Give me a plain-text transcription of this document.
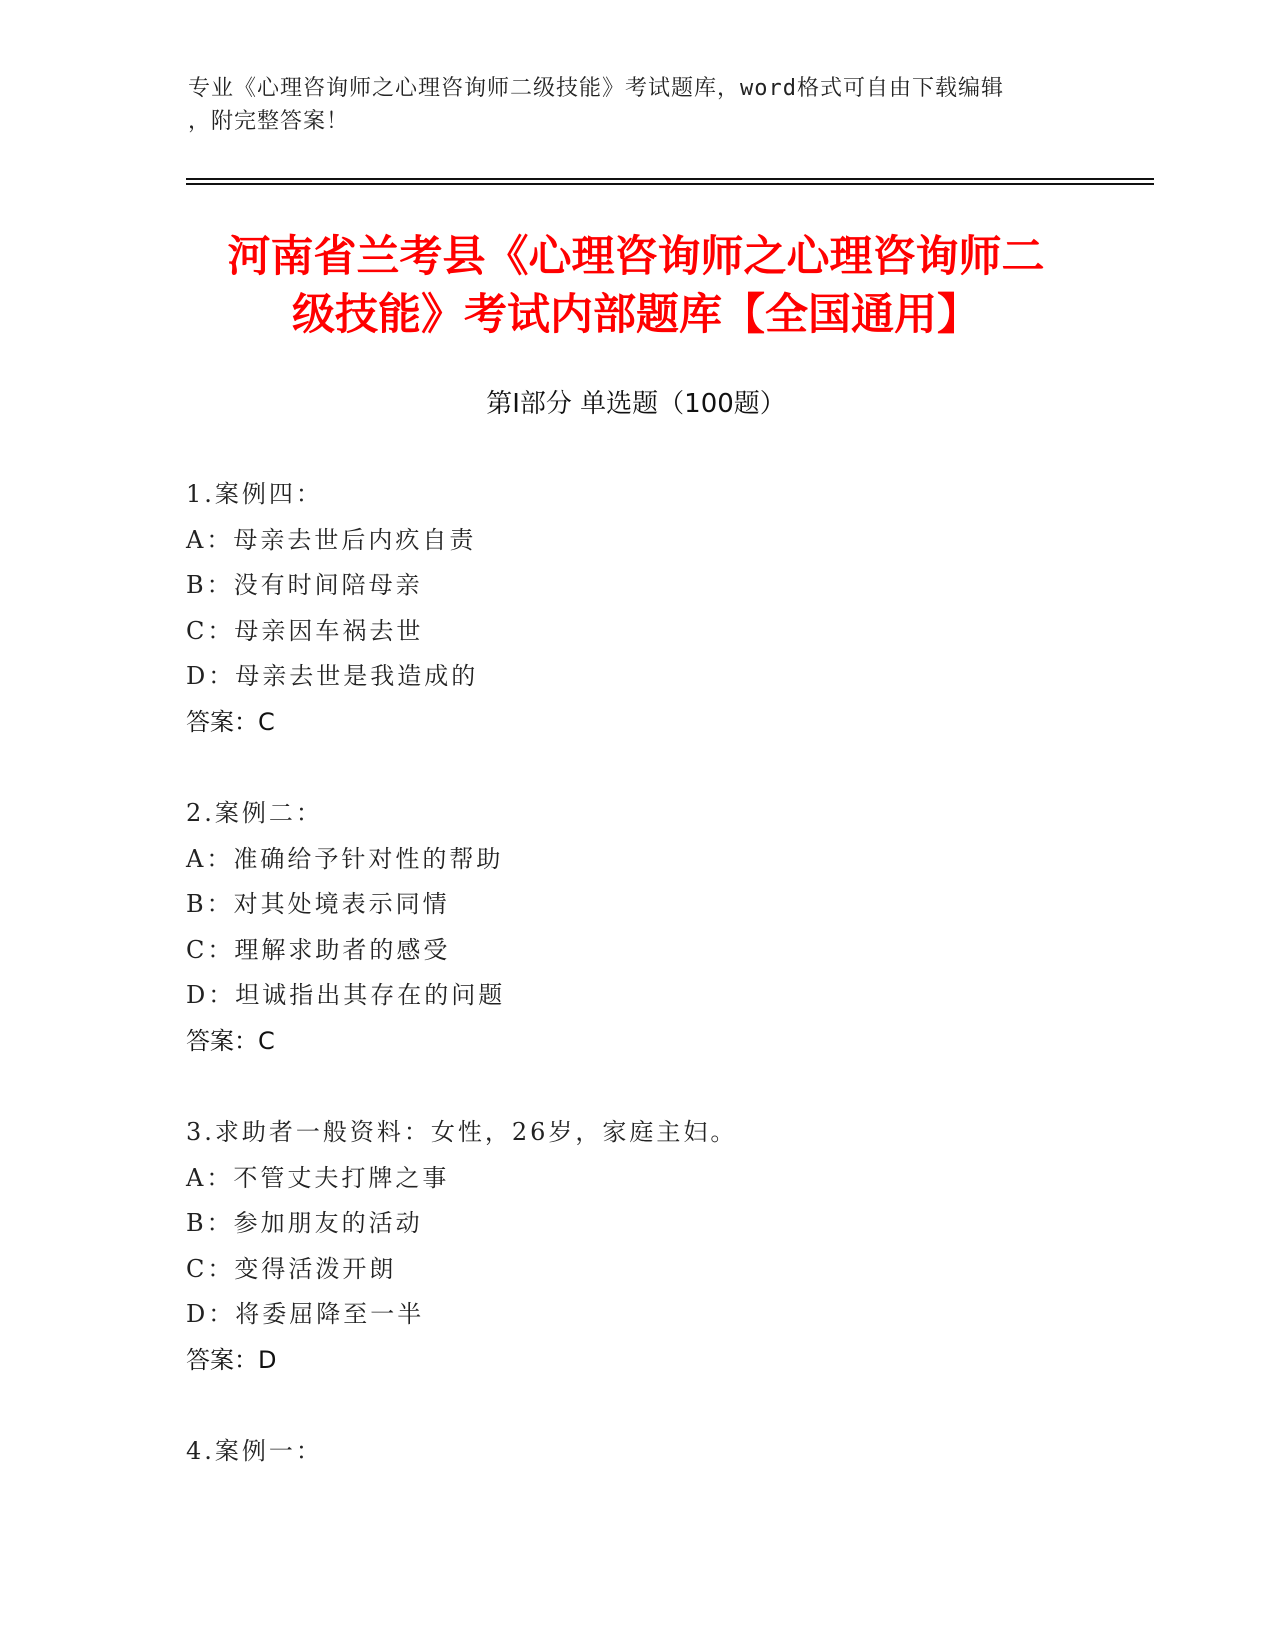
专业《心理咨询师之心理咨询师二级技能》考试题库，word格式可自由下载编辑
，附完整答案！
河南省兰考县《心理咨询师之心理咨询师二
级技能》考试内部题库【全国通用】
第Ⅰ部分 单选题（100题）
1.案例四：
A：母亲去世后内疚自责
B：没有时间陪母亲
C：母亲因车祸去世
D：母亲去世是我造成的
答案：C
2.案例二：
A：准确给予针对性的帮助
B：对其处境表示同情
C：理解求助者的感受
D：坦诚指出其存在的问题
答案：C
3.求助者一般资料：女性，26岁，家庭主妇。
A：不管丈夫打牌之事
B：参加朋友的活动
C：变得活泼开朗
D：将委屈降至一半
答案：D
4.案例一：
